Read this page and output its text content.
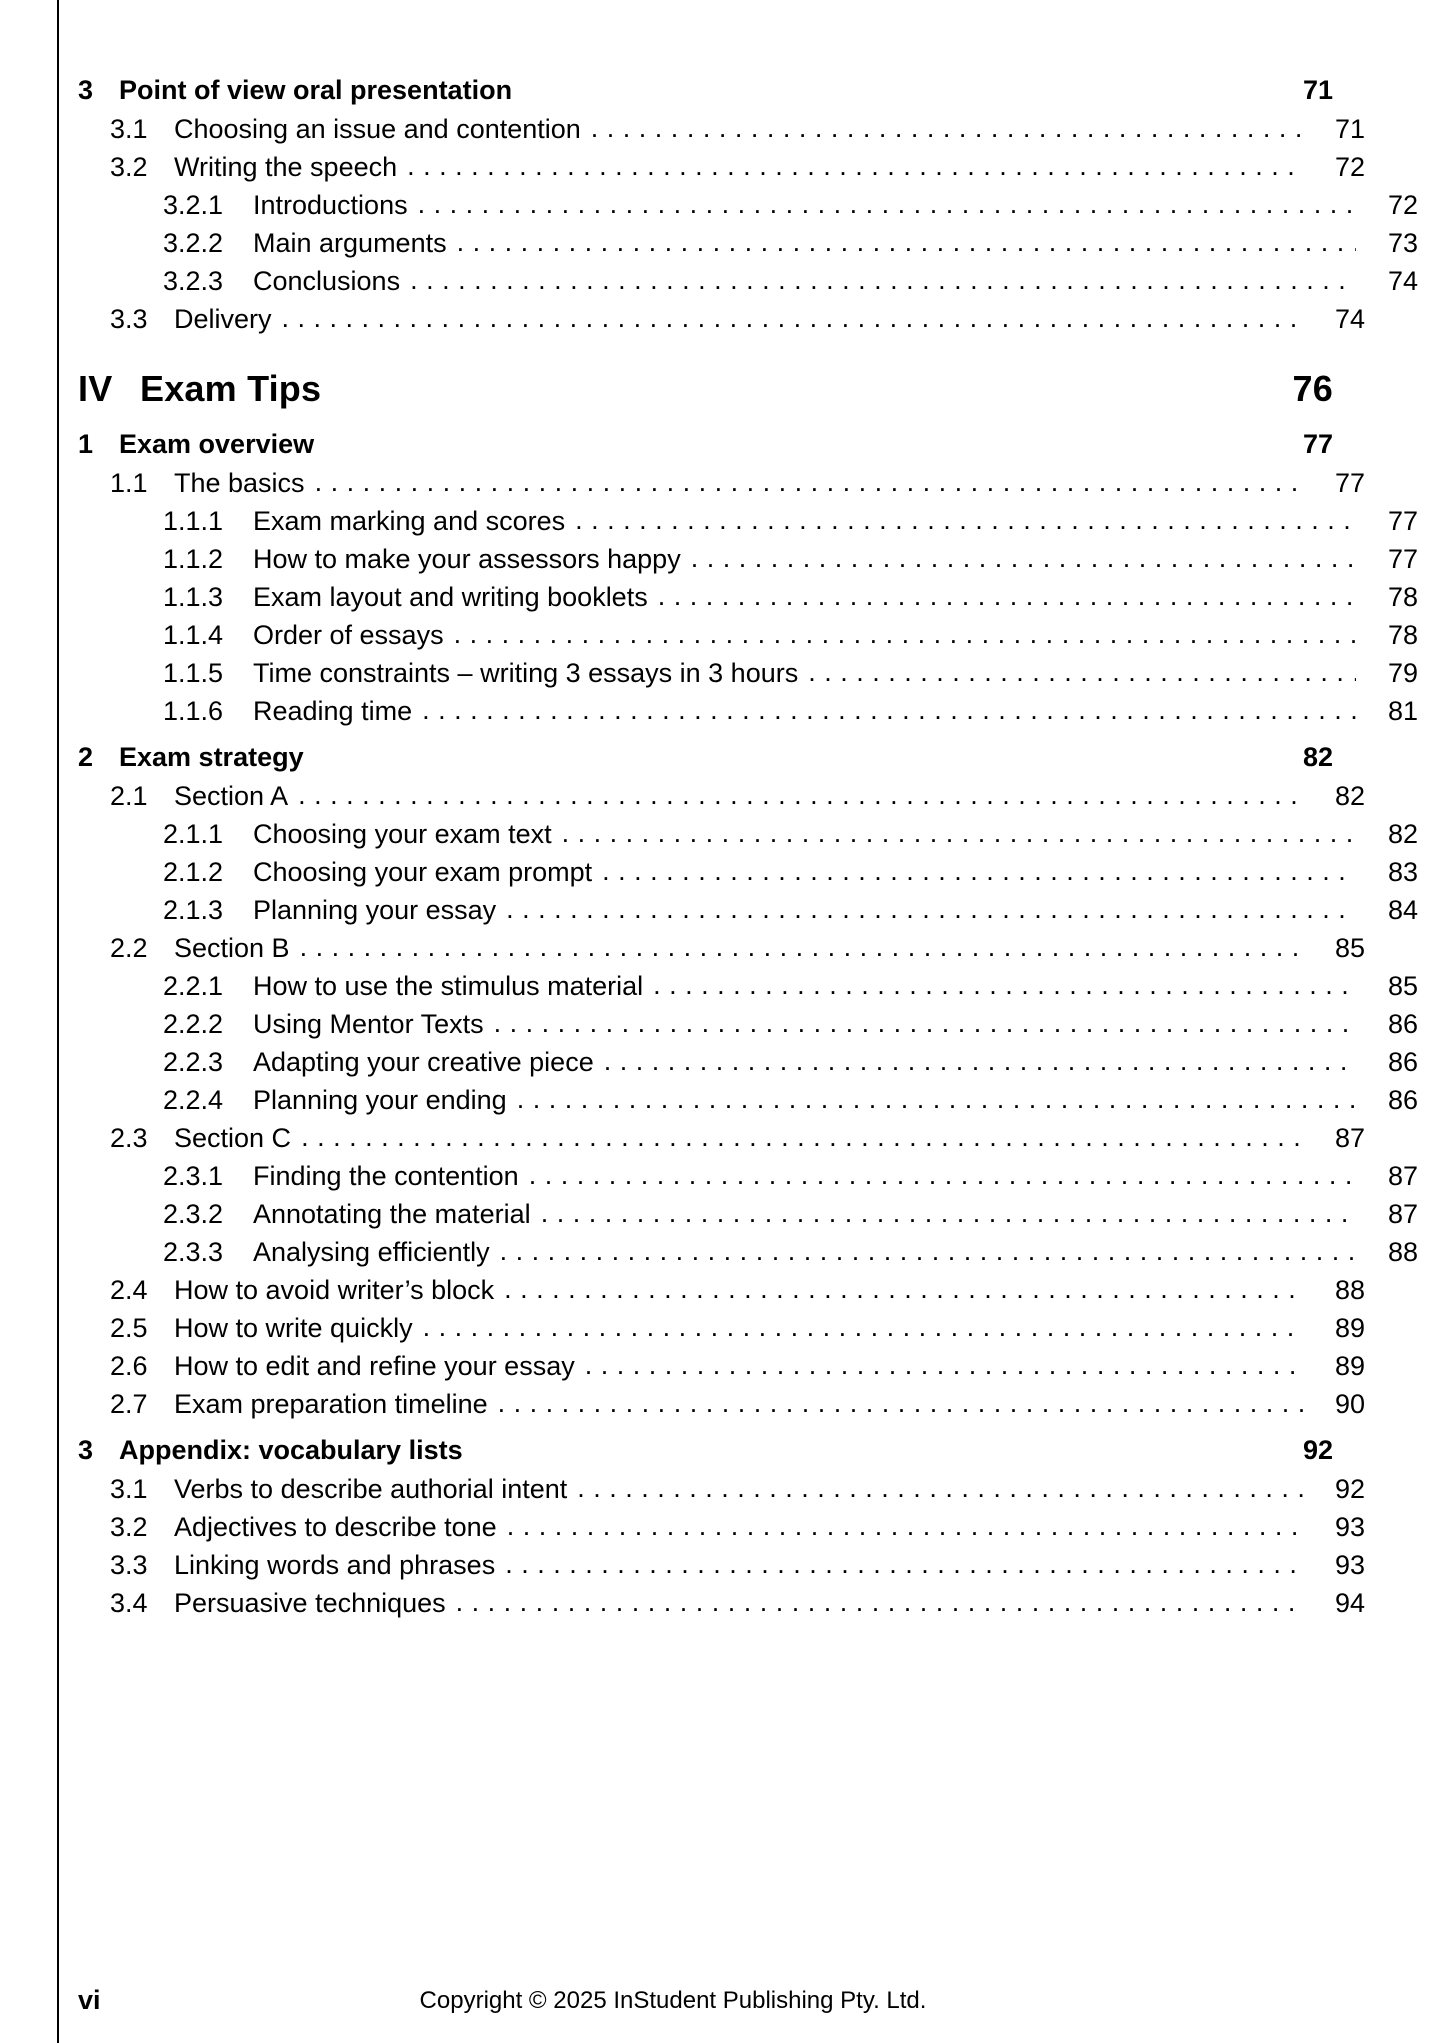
3 Point of view oral presentation	71
3.1 Choosing an issue and contention . . .	71
3.2 Writing the speech . . .	72
3.2.1	Introductions . . .	72
3.2.2	Main arguments . . .	73
3.2.3	Conclusions . . .	74
3.3 Delivery . . .	74
IV Exam Tips	76
1 Exam overview	77
1.1 The basics . . .	77
1.1.1	Exam marking and scores . . .	77
1.1.2	How to make your assessors happy . . .	77
1.1.3	Exam layout and writing booklets . . .	78
1.1.4	Order of essays . . .	78
1.1.5	Time constraints – writing 3 essays in 3 hours . . .	79
1.1.6	Reading time . . .	81
2 Exam strategy	82
2.1 Section A . . .	82
2.1.1	Choosing your exam text . . .	82
2.1.2	Choosing your exam prompt . . .	83
2.1.3	Planning your essay . . .	84
2.2 Section B . . .	85
2.2.1	How to use the stimulus material . . .	85
2.2.2	Using Mentor Texts . . .	86
2.2.3	Adapting your creative piece . . .	86
2.2.4	Planning your ending . . .	86
2.3 Section C . . .	87
2.3.1	Finding the contention . . .	87
2.3.2	Annotating the material . . .	87
2.3.3	Analysing efficiently . . .	88
2.4 How to avoid writer’s block . . .	88
2.5 How to write quickly . . .	89
2.6 How to edit and refine your essay . . .	89
2.7 Exam preparation timeline . . .	90
3 Appendix: vocabulary lists	92
3.1 Verbs to describe authorial intent . . .	92
3.2 Adjectives to describe tone . . .	93
3.3 Linking words and phrases . . .	93
3.4 Persuasive techniques . . .	94
vi	Copyright © 2025 InStudent Publishing Pty. Ltd.
